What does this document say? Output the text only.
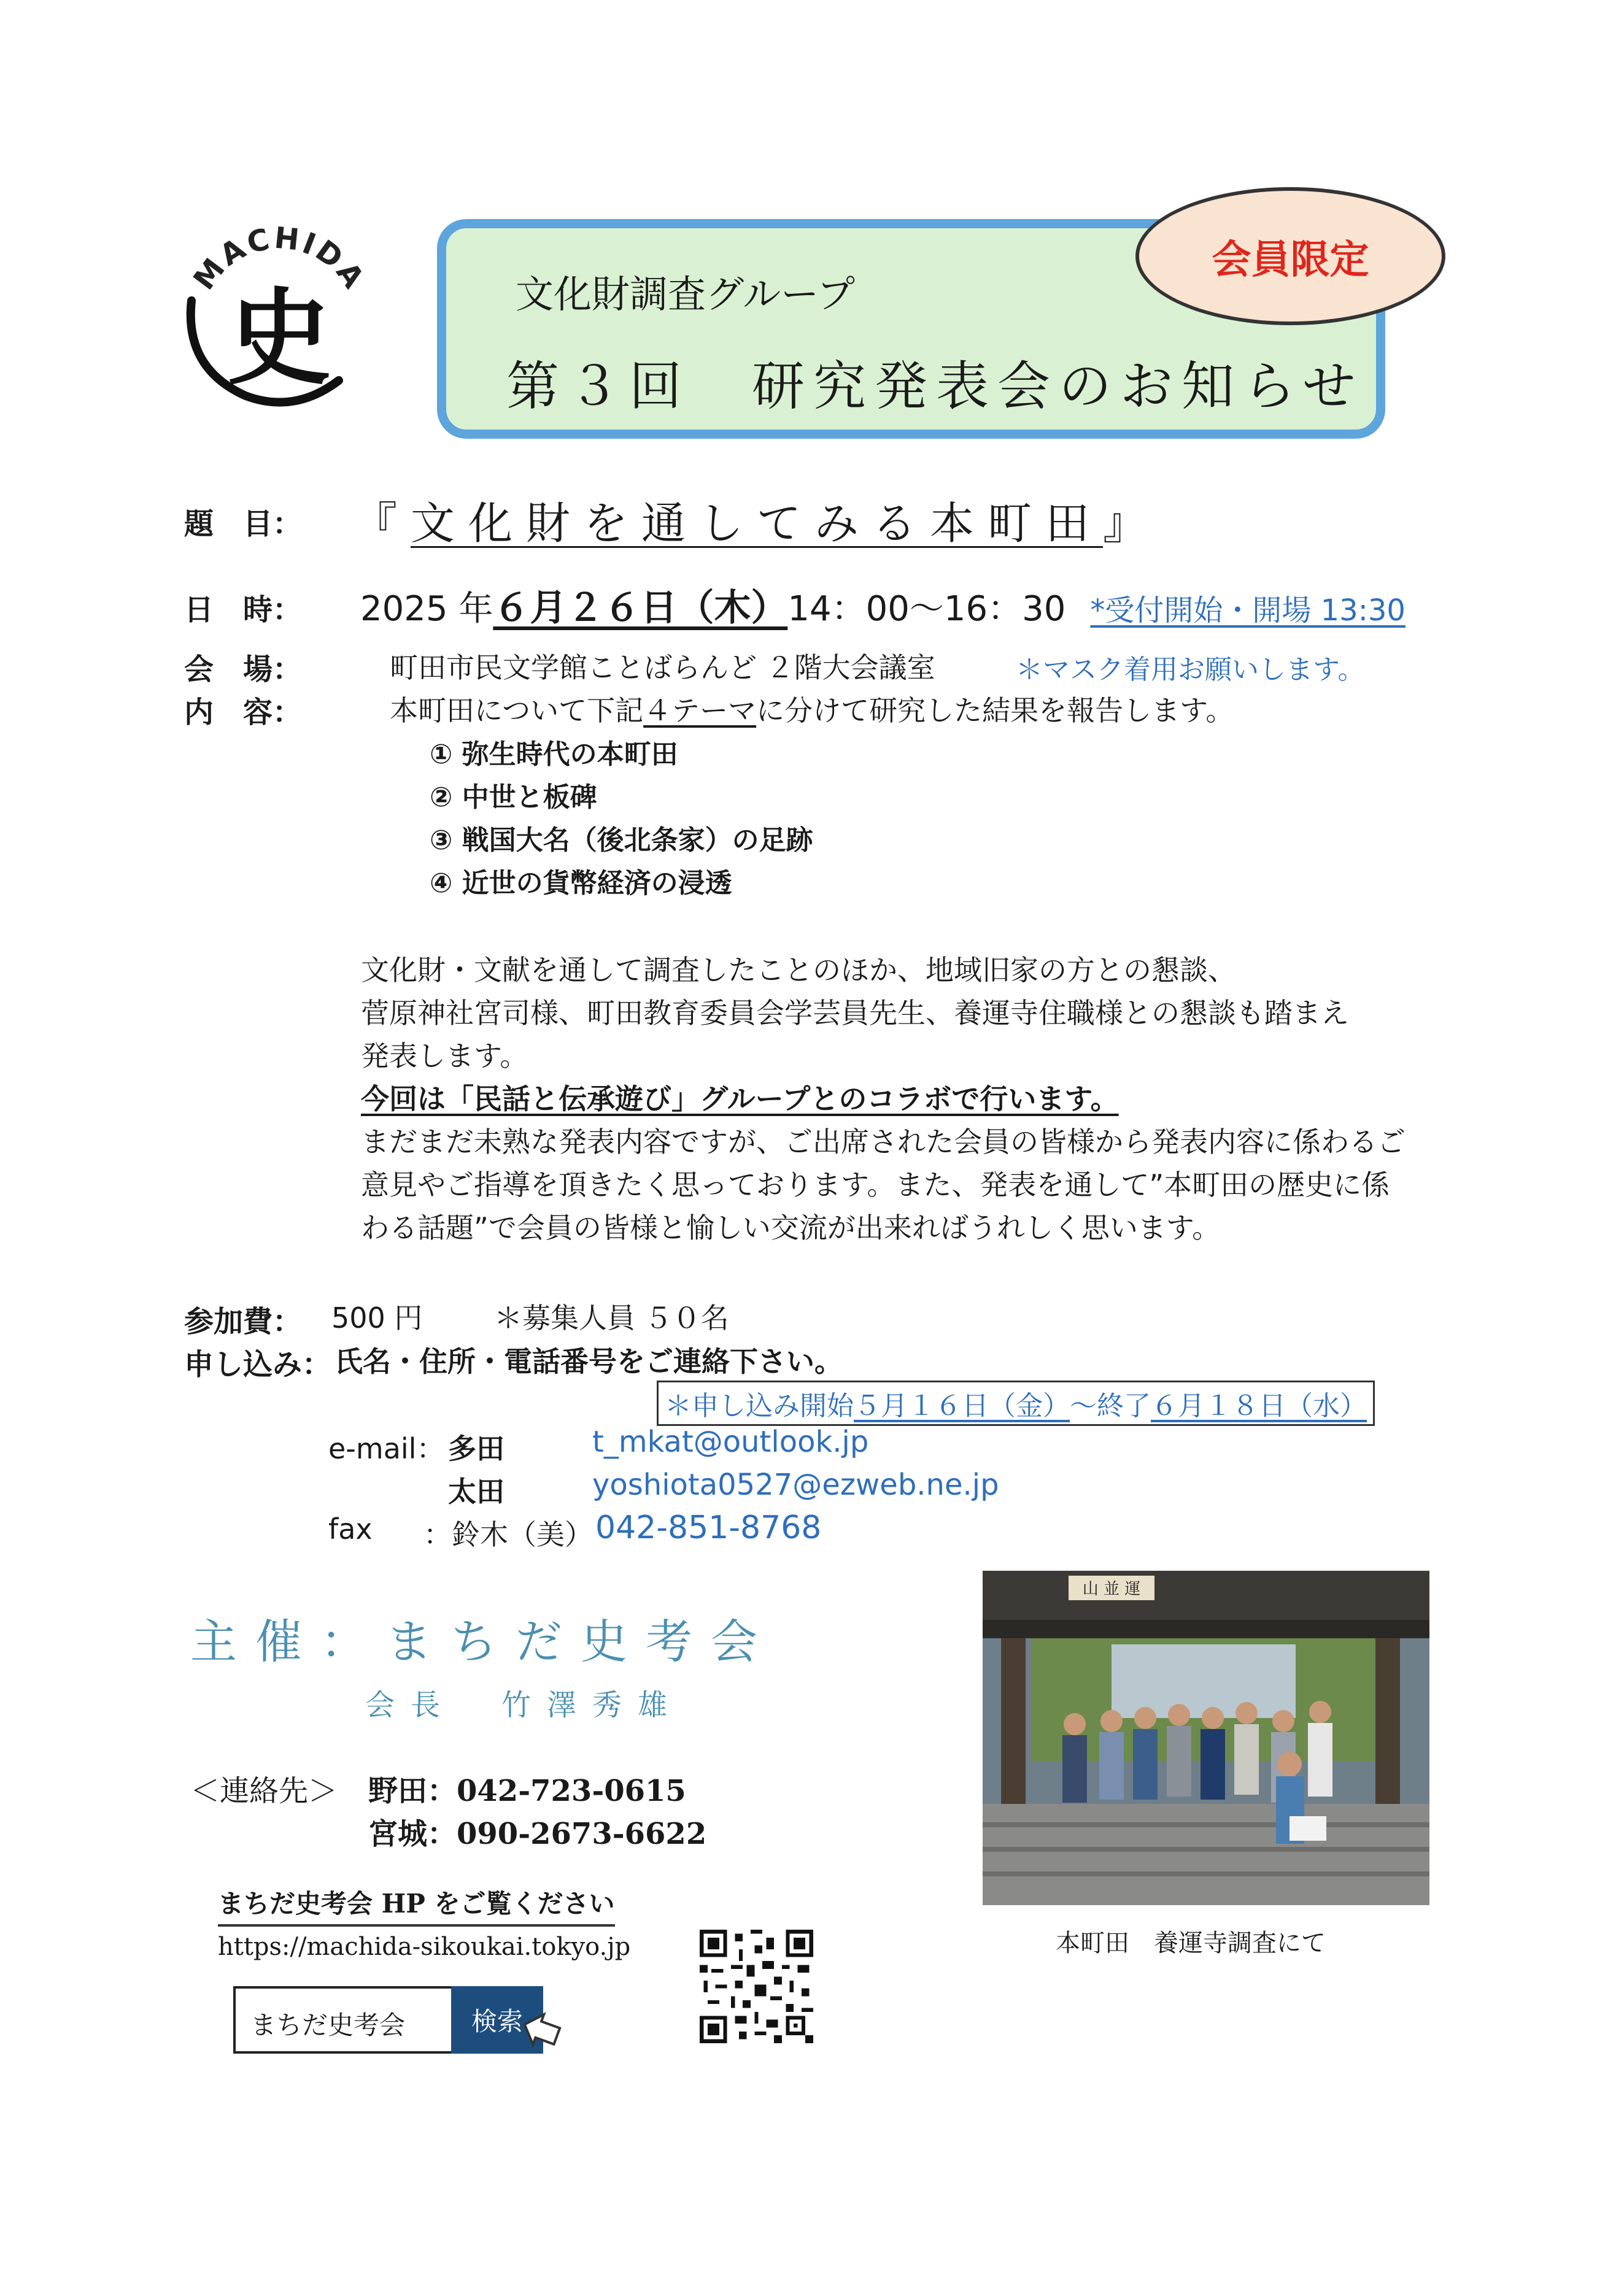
MACHIDA
史	文化財調査グループ
第３回　研究発表会のお知らせ
会員限定
題　目： 『文化財を通してみる本町田』
日　時： 2025 年６月２６日（木）14：00～16：30 *受付開始・開場 13:30
会　場：	町田市民文学館ことばらんど ２階大会議室	＊マスク着用お願いします。
内　容：	本町田について下記４テーマに分けて研究した結果を報告します。
① 弥生時代の本町田
② 中世と板碑
③ 戦国大名（後北条家）の足跡
④ 近世の貨幣経済の浸透
文化財・文献を通して調査したことのほか、地域旧家の方との懇談、
菅原神社宮司様、町田教育委員会学芸員先生、養運寺住職様との懇談も踏まえ
発表します。
今回は「民話と伝承遊び」グループとのコラボで行います。
まだまだ未熟な発表内容ですが、ご出席された会員の皆様から発表内容に係わるご
意見やご指導を頂きたく思っております。また、発表を通して”本町田の歴史に係
わる話題”で会員の皆様と愉しい交流が出来ればうれしく思います。
参加費： 500 円	＊募集人員 ５０名
申し込み： 氏名・住所・電話番号をご連絡下さい。
＊申し込み開始５月１６日（金）～終了６月１８日（水）
e-mail： 多田	t_mkat@outlook.jp
太田	yoshiota0527@ezweb.ne.jp
fax ：鈴木（美） 042-851-8768
主催：まちだ史考会
会長　竹澤秀雄
＜連絡先＞ 野田：042-723-0615
宮城：090-2673-6622
まちだ史考会 HP をご覧ください
https://machida-sikoukai.tokyo.jp
まちだ史考会	検索
山 並 運
本町田　養運寺調査にて
